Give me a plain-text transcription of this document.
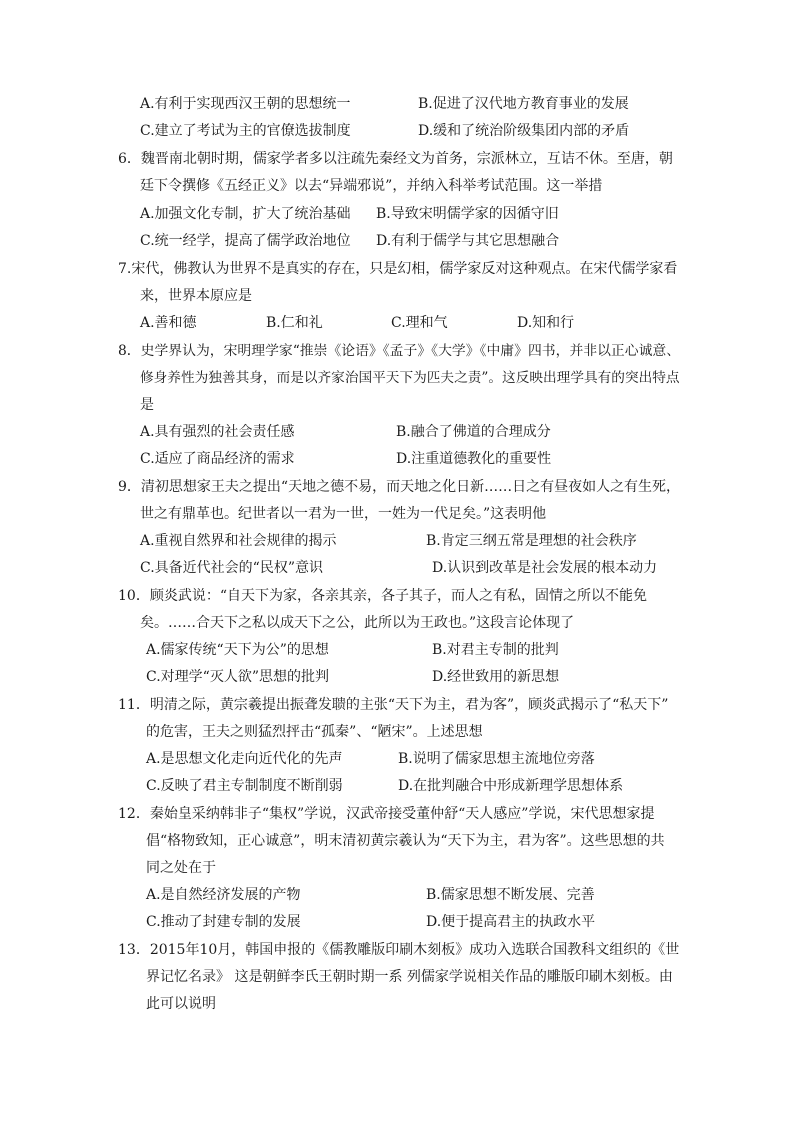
A.有利于实现西汉王朝的思想统一	B.促进了汉代地方教育事业的发展
C.建立了考试为主的官僚选拔制度	D.缓和了统治阶级集团内部的矛盾
6．魏晋南北朝时期，儒家学者多以注疏先秦经文为首务，宗派林立，互诘不休。至唐，朝
廷下令撰修《五经正义》以去“异端邪说”，并纳入科举考试范围。这一举措
A.加强文化专制，扩大了统治基础 B.导致宋明儒学家的因循守旧
C.统一经学，提高了儒学政治地位 D.有利于儒学与其它思想融合
7.宋代，佛教认为世界不是真实的存在，只是幻相，儒学家反对这种观点。在宋代儒学家看
来，世界本原应是
A.善和德	B.仁和礼	C.理和气	D.知和行
8．史学界认为，宋明理学家“推崇《论语》《孟子》《大学》《中庸》四书，并非以正心诚意、
修身养性为独善其身，而是以齐家治国平天下为匹夫之责”。这反映出理学具有的突出特点
是
A.具有强烈的社会责任感	B.融合了佛道的合理成分
C.适应了商品经济的需求	D.注重道德教化的重要性
9．清初思想家王夫之提出“天地之德不易，而天地之化日新……日之有昼夜如人之有生死，
世之有鼎革也。纪世者以一君为一世，一姓为一代足矣。”这表明他
A.重视自然界和社会规律的揭示	B.肯定三纲五常是理想的社会秩序
C.具备近代社会的“民权”意识	D.认识到改革是社会发展的根本动力
10．顾炎武说：“自天下为家，各亲其亲，各子其子，而人之有私，固情之所以不能免
矣。……合天下之私以成天下之公，此所以为王政也。”这段言论体现了
A.儒家传统“天下为公”的思想	B.对君主专制的批判
C.对理学“灭人欲”思想的批判	D.经世致用的新思想
11．明清之际，黄宗羲提出振聋发聩的主张“天下为主，君为客”，顾炎武揭示了“私天下”
的危害，王夫之则猛烈抨击“孤秦”、“陋宋”。上述思想
A.是思想文化走向近代化的先声	B.说明了儒家思想主流地位旁落
C.反映了君主专制制度不断削弱	D.在批判融合中形成新理学思想体系
12．秦始皇采纳韩非子“集权”学说，汉武帝接受董仲舒“天人感应”学说，宋代思想家提
倡“格物致知，正心诚意”，明末清初黄宗羲认为“天下为主，君为客”。这些思想的共
同之处在于
A.是自然经济发展的产物	B.儒家思想不断发展、完善
C.推动了封建专制的发展	D.便于提高君主的执政水平
13．2015年10月，韩国申报的《儒教雕版印刷木刻板》成功入选联合国教科文组织的《世
界记忆名录》 这是朝鲜李氏王朝时期一系 列儒家学说相关作品的雕版印刷木刻板。由
此可以说明
